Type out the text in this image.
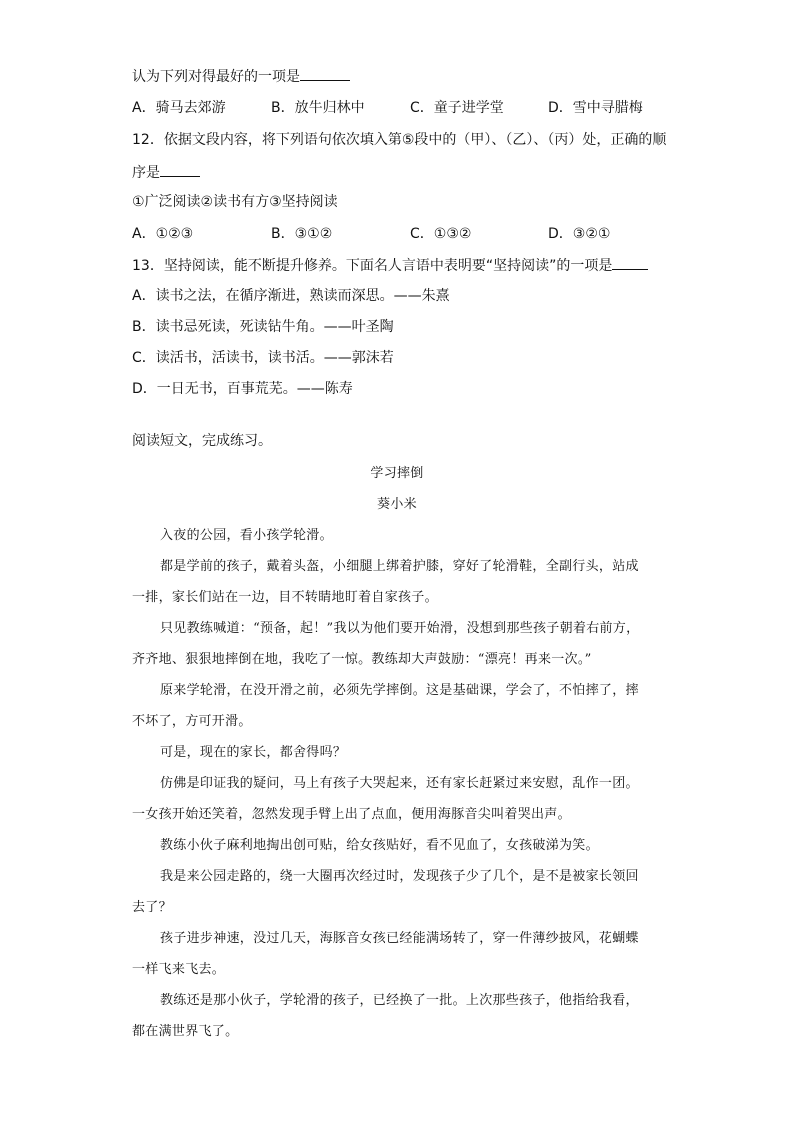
认为下列对得最好的一项是
A．骑马去郊游	B．放牛归林中	C．童子进学堂	D．雪中寻腊梅
12．依据文段内容，将下列语句依次填入第⑤段中的（甲）、（乙）、（丙）处，正确的顺
序是
①广泛阅读②读书有方③坚持阅读
A．①②③	B．③①②	C．①③②	D．③②①
13．坚持阅读，能不断提升修养。下面名人言语中表明要“坚持阅读”的一项是
A．读书之法，在循序渐进，熟读而深思。——朱熹
B．读书忌死读，死读钻牛角。——叶圣陶
C．读活书，活读书，读书活。——郭沫若
D．一日无书，百事荒芜。——陈寿
阅读短文，完成练习。
学习摔倒
葵小米
入夜的公园，看小孩学轮滑。
都是学前的孩子，戴着头盔，小细腿上绑着护膝，穿好了轮滑鞋，全副行头，站成
一排，家长们站在一边，目不转睛地盯着自家孩子。
只见教练喊道：“预备，起！”我以为他们要开始滑，没想到那些孩子朝着右前方，
齐齐地、狠狠地摔倒在地，我吃了一惊。教练却大声鼓励：“漂亮！再来一次。”
原来学轮滑，在没开滑之前，必须先学摔倒。这是基础课，学会了，不怕摔了，摔
不坏了，方可开滑。
可是，现在的家长，都舍得吗？
仿佛是印证我的疑问，马上有孩子大哭起来，还有家长赶紧过来安慰，乱作一团。
一女孩开始还笑着，忽然发现手臂上出了点血，便用海豚音尖叫着哭出声。
教练小伙子麻利地掏出创可贴，给女孩贴好，看不见血了，女孩破涕为笑。
我是来公园走路的，绕一大圈再次经过时，发现孩子少了几个，是不是被家长领回
去了？
孩子进步神速，没过几天，海豚音女孩已经能满场转了，穿一件薄纱披风，花蝴蝶
一样飞来飞去。
教练还是那小伙子，学轮滑的孩子，已经换了一批。上次那些孩子，他指给我看，
都在满世界飞了。
